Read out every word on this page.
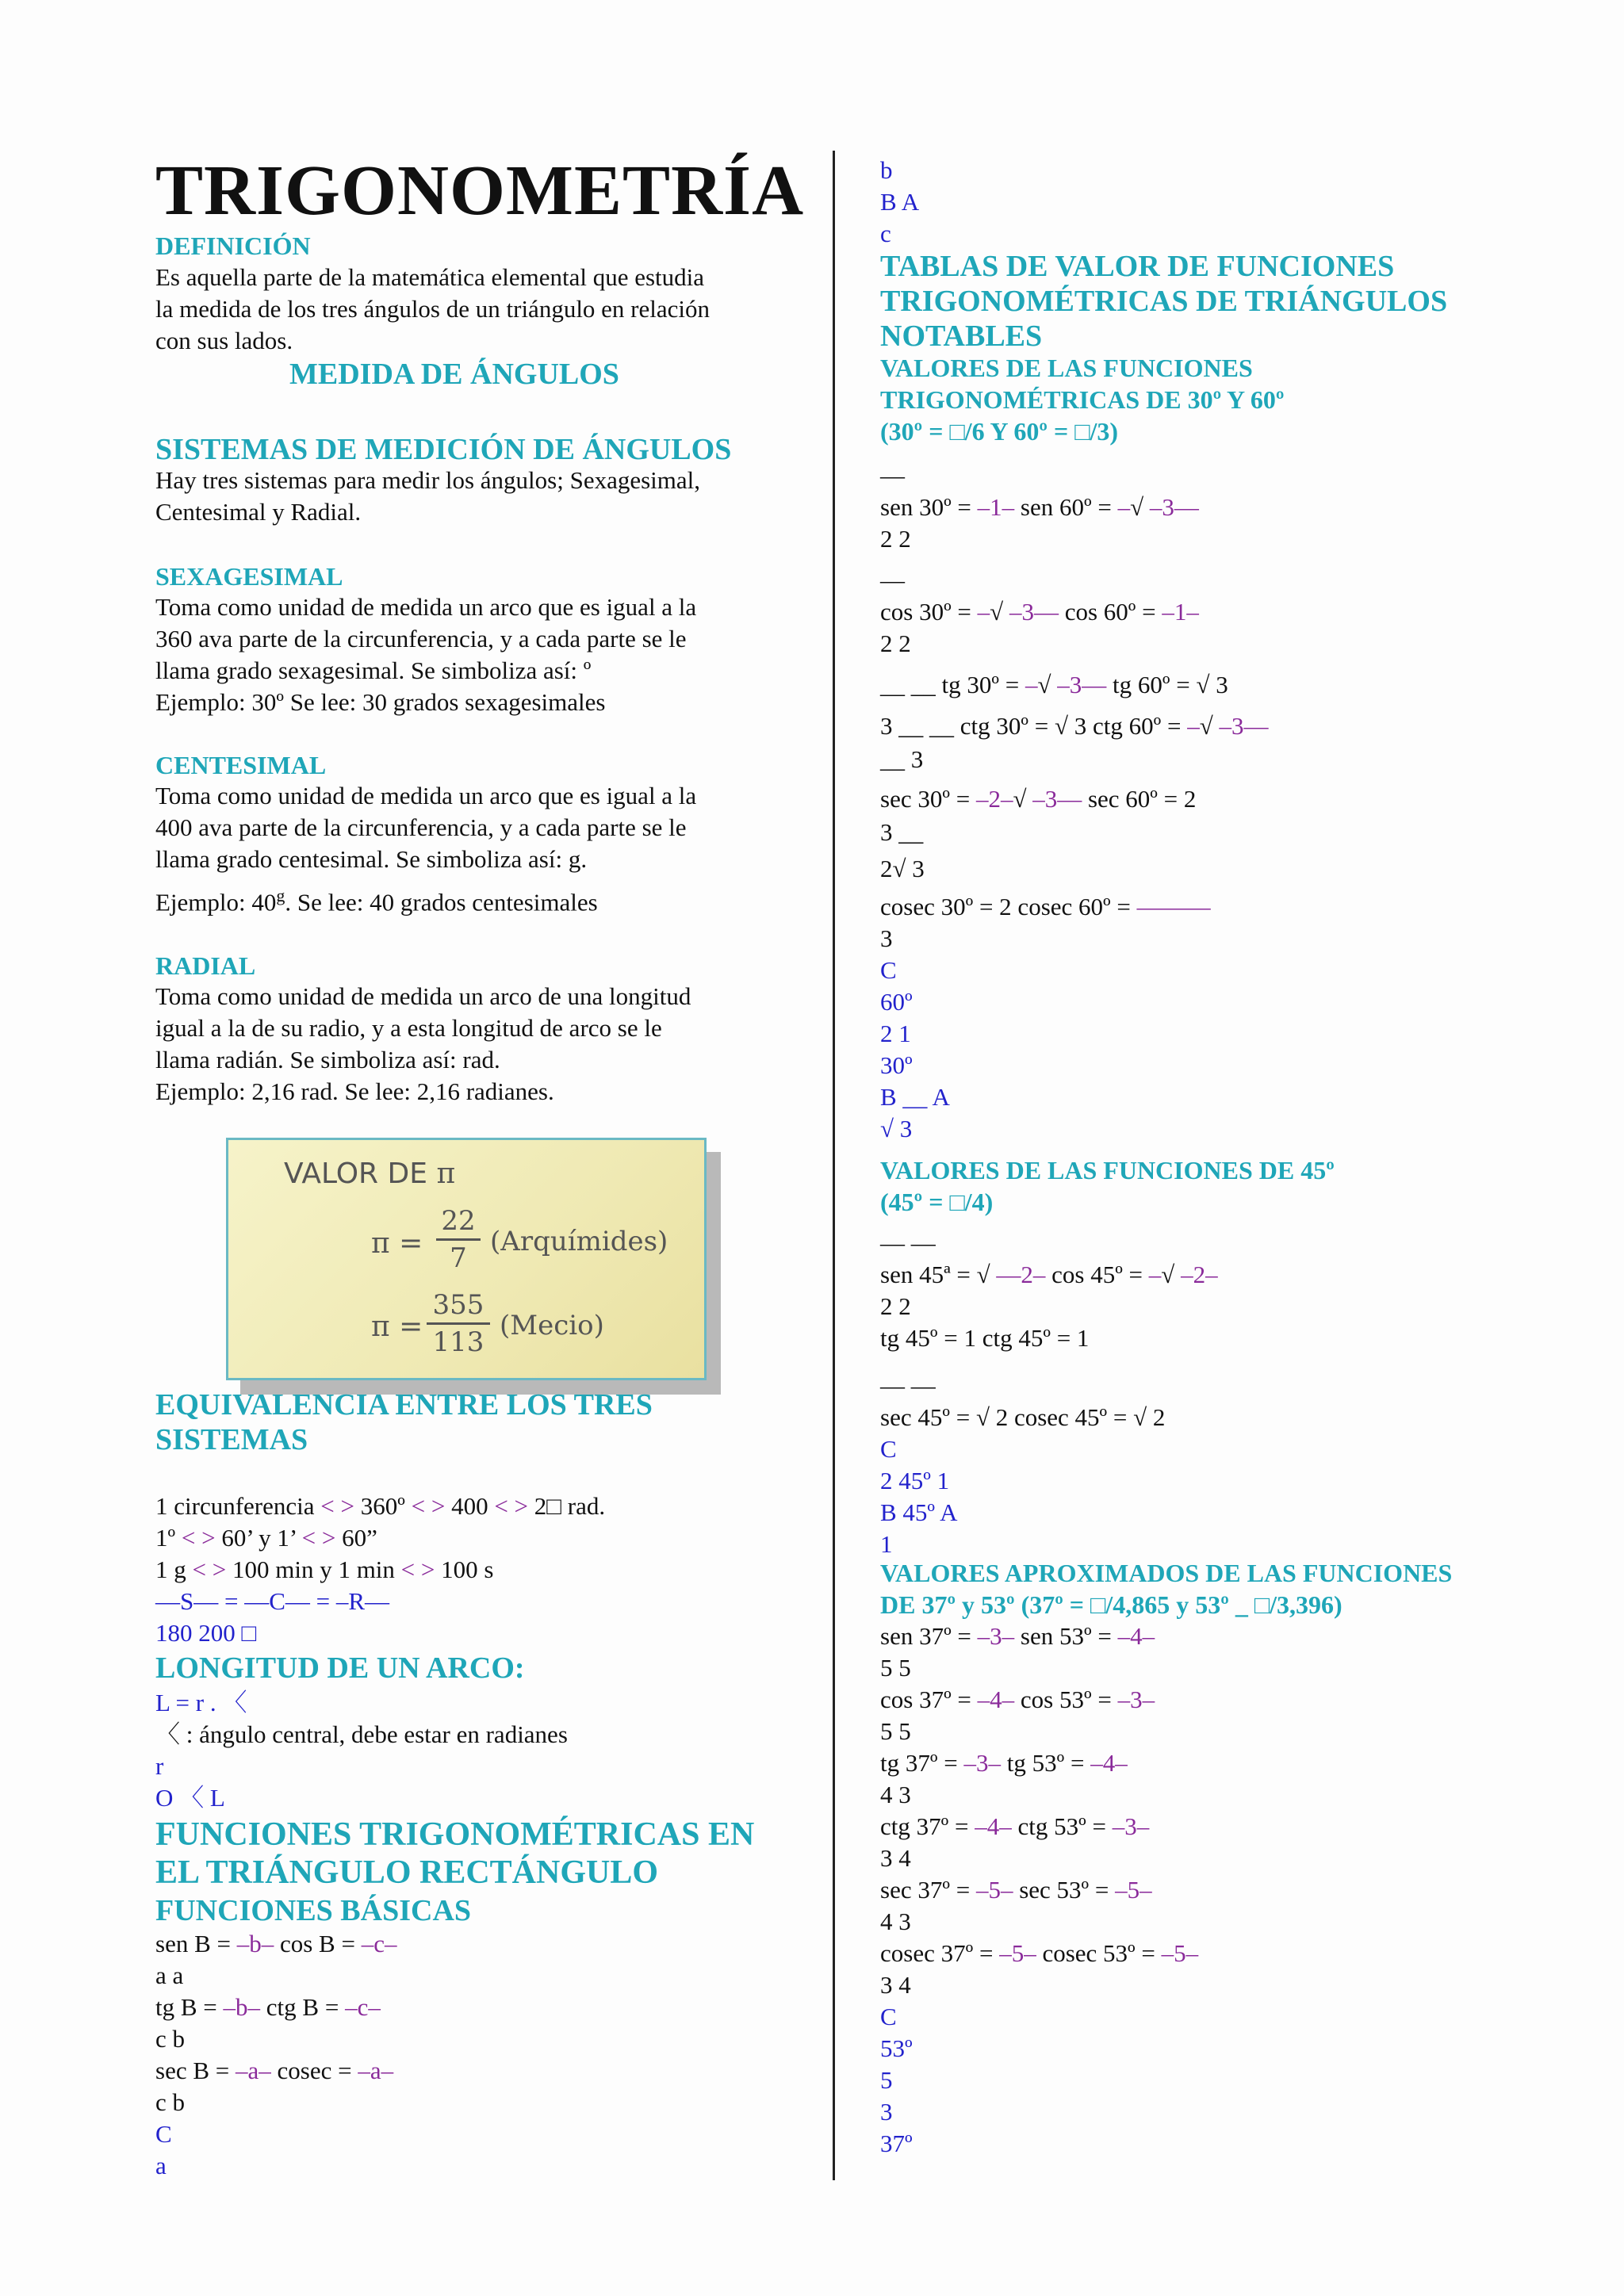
TRIGONOMETRÍA
DEFINICIÓN
Es aquella parte de la matemática elemental que estudia
la medida de los tres ángulos de un triángulo en relación
con sus lados.
MEDIDA DE ÁNGULOS
SISTEMAS DE MEDICIÓN DE ÁNGULOS
Hay tres sistemas para medir los ángulos; Sexagesimal,
Centesimal y Radial.
SEXAGESIMAL
Toma como unidad de medida un arco que es igual a la
360 ava parte de la circunferencia, y a cada parte se le
llama grado sexagesimal. Se simboliza así: º
Ejemplo: 30º Se lee: 30 grados sexagesimales
CENTESIMAL
Toma como unidad de medida un arco que es igual a la
400 ava parte de la circunferencia, y a cada parte se le
llama grado centesimal. Se simboliza así: g.
Ejemplo: 40$^g$. Se lee: 40 grados centesimales
RADIAL
Toma como unidad de medida un arco de una longitud
igual a la de su radio, y a esta longitud de arco se le
llama radián. Se simboliza así: rad.
Ejemplo: 2,16 rad. Se lee: 2,16 radianes.
VALOR DE π
π =
22
7
(Arquímides)
π =
355
113
(Mecio)
EQUIVALENCIA ENTRE LOS TRES
SISTEMAS
1 circunferencia < > 360º < > 400 < > 2□ rad.
1º < > 60’ y 1’ < > 60”
1 g < > 100 min y 1 min < > 100 s
—S— = —C— = –R—
180 200 □
LONGITUD DE UN ARCO:
L = r . 〈
〈 : ángulo central, debe estar en radianes
r
O 〈 L
FUNCIONES TRIGONOMÉTRICAS EN
EL TRIÁNGULO RECTÁNGULO
FUNCIONES BÁSICAS
sen B = –b– cos B = –c–
a a
tg B = –b– ctg B = –c–
c b
sec B = –a– cosec = –a–
c b
C
a
b
B A
c
TABLAS DE VALOR DE FUNCIONES
TRIGONOMÉTRICAS DE TRIÁNGULOS
NOTABLES
VALORES DE LAS FUNCIONES
TRIGONOMÉTRICAS DE 30º Y 60º
(30º = □/6 Y 60º = □/3)
—
sen 30º = –1– sen 60º = –√ –3—
2 2
—
cos 30º = –√ –3— cos 60º = –1–
2 2
__ __ tg 30º = –√ –3— tg 60º = √ 3
3 __ __ ctg 30º = √ 3 ctg 60º = –√ –3—
__ 3
sec 30º = –2–√ –3— sec 60º = 2
3 __
2√ 3
cosec 30º = 2 cosec 60º = ———
3
C
60º
2 1
30º
B __ A
√ 3
VALORES DE LAS FUNCIONES DE 45º
(45º = □/4)
— —
sen 45ª = √ —2– cos 45º = –√ –2–
2 2
tg 45º = 1 ctg 45º = 1
— —
sec 45º = √ 2 cosec 45º = √ 2
C
2 45º 1
B 45º A
1
VALORES APROXIMADOS DE LAS FUNCIONES
DE 37º y 53º (37º = □/4,865 y 53º _ □/3,396)
sen 37º = –3– sen 53º = –4–
5 5
cos 37º = –4– cos 53º = –3–
5 5
tg 37º = –3– tg 53º = –4–
4 3
ctg 37º = –4– ctg 53º = –3–
3 4
sec 37º = –5– sec 53º = –5–
4 3
cosec 37º = –5– cosec 53º = –5–
3 4
C
53º
5
3
37º
